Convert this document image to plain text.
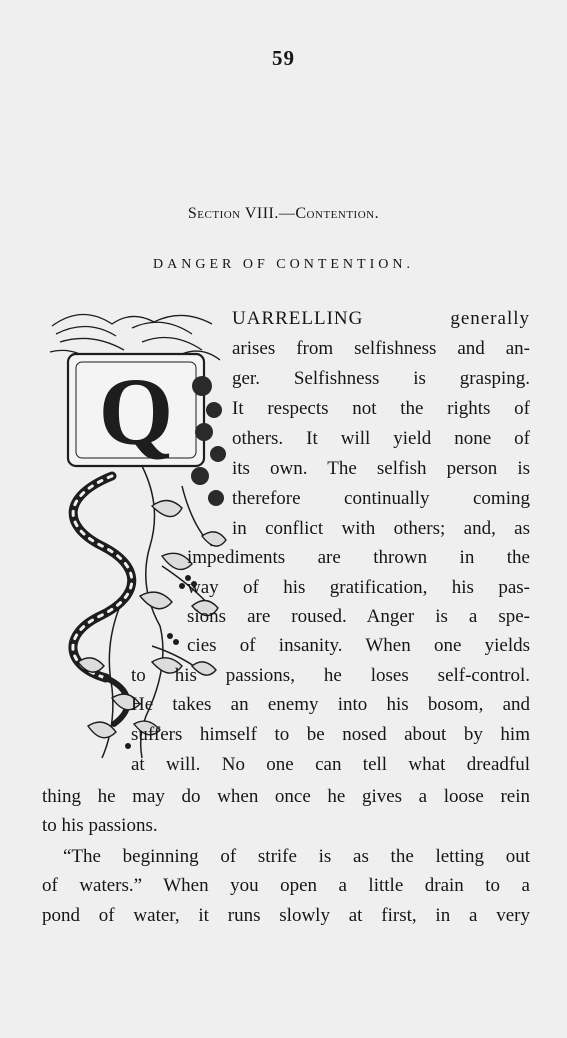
59
Section VIII.—Contention.
DANGER OF CONTENTION.
Q
UARRELLING generally
arises from selfishness and an-
ger. Selfishness is grasping.
It respects not the rights of
others. It will yield none of
its own. The selfish person is
therefore continually coming
in conflict with others; and, as
impediments are thrown in the
way of his gratification, his pas-
sions are roused. Anger is a spe-
cies of insanity. When one yields
to his passions, he loses self-control.
He takes an enemy into his bosom, and
suffers himself to be nosed about by him
at will. No one can tell what dreadful
thing he may do when once he gives a loose rein
to his passions.
“The beginning of strife is as the letting out
of waters.” When you open a little drain to a
pond of water, it runs slowly at first, in a very
